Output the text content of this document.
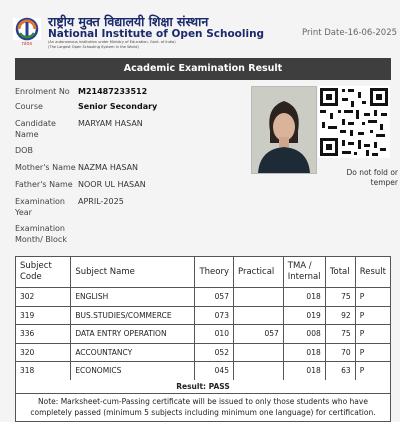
nios
राष्ट्रीय मुक्त विद्यालयी शिक्षा संस्थान
National Institute of Open Schooling
(An autonomous institution under Ministry of Education, Govt. of India)
(The Largest Open Schooling System in the World)
Print Date-16-06-2025
Academic Examination Result
Enrolment No	M21487233512
Course	Senior Secondary
Candidate Name
MARYAM HASAN
DOB
Mother's Name NAZMA HASAN
Father's Name NOOR UL HASAN
Examination Year
APRIL-2025
Examination Month/ Block
Do not fold or temper
Subject Code	Subject Name	Theory	Practical	TMA / Internal	Total	Result
302	ENGLISH	057		018	75	P
319	BUS.STUDIES/COMMERCE	073		019	92	P
336	DATA ENTRY OPERATION	010	057	008	75	P
320	ACCOUNTANCY	052		018	70	P
318	ECONOMICS	045		018	63	P
Result: PASS
Note: Marksheet-cum-Passing certificate will be issued to only those students who have completely passed (minimum 5 subjects including minimum one language) for certification.
